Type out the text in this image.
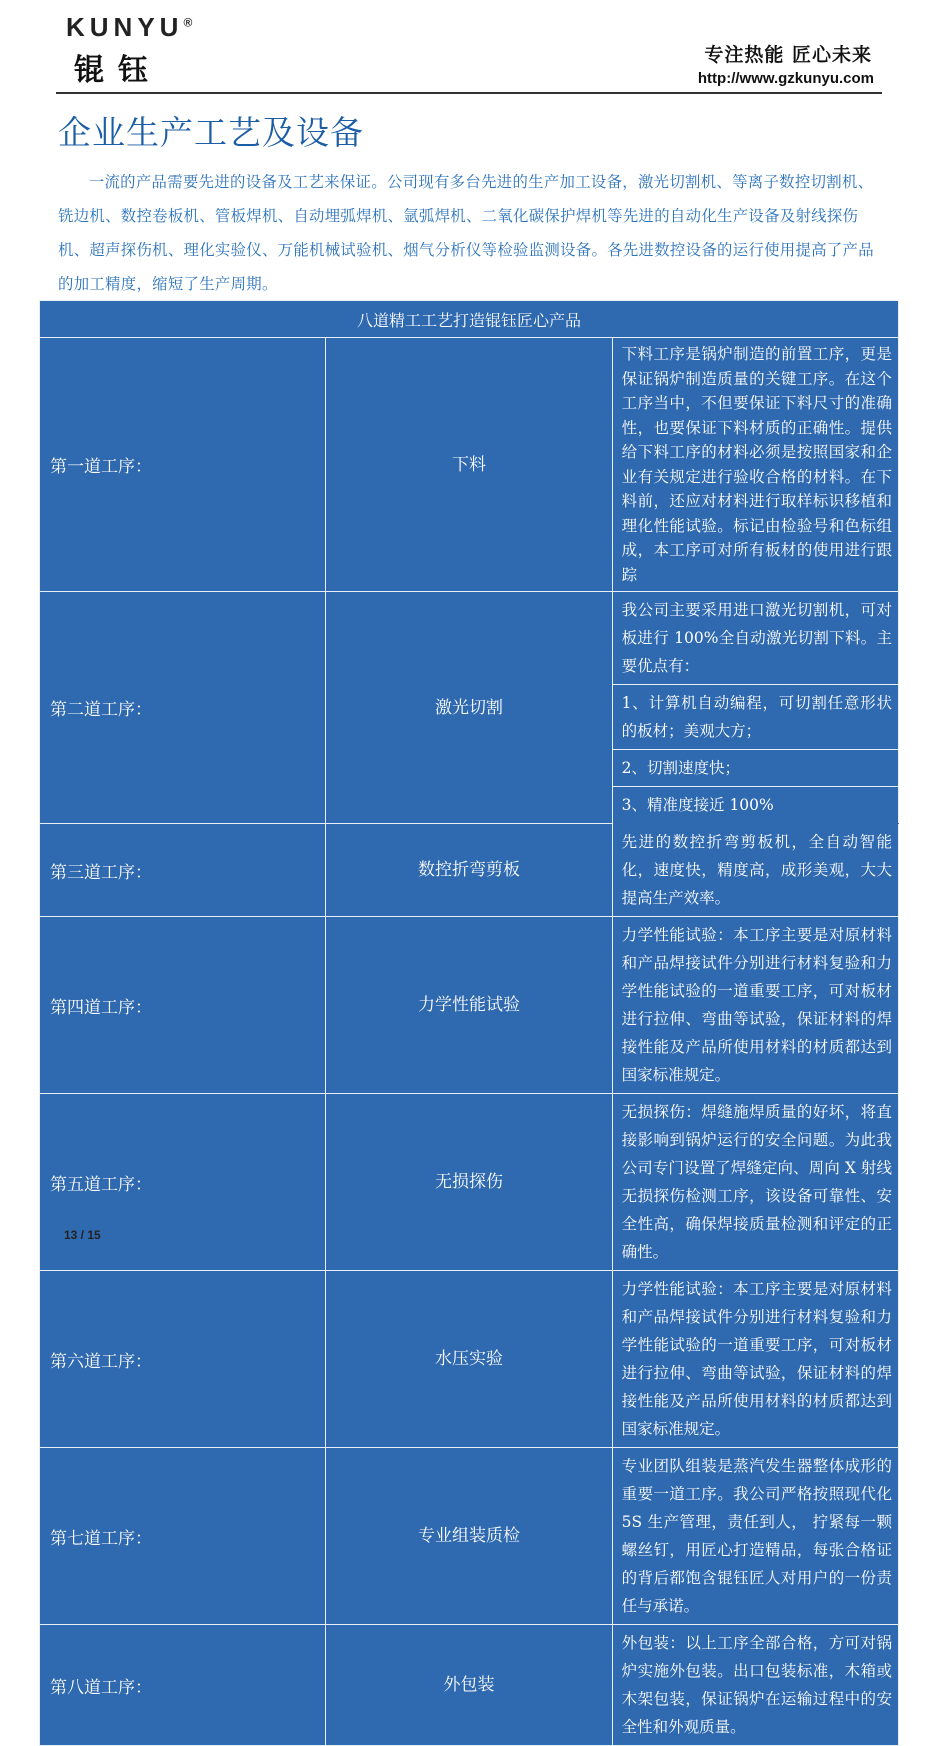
KUNYU®
锟钰	专注热能 匠心未来
http://www.gzkunyu.com
企业生产工艺及设备

一流的产品需要先进的设备及工艺来保证。公司现有多台先进的生产加工设备，激光切割机、等离子数控切割机、铣边机、数控卷板机、管板焊机、自动埋弧焊机、氩弧焊机、二氧化碳保护焊机等先进的自动化生产设备及射线探伤机、超声探伤机、理化实验仪、万能机械试验机、烟气分析仪等检验监测设备。各先进数控设备的运行使用提高了产品的加工精度，缩短了生产周期。

八道精工工艺打造锟钰匠心产品		
第一道工序：	下料	下料工序是锅炉制造的前置工序，更是保证锅炉制造质量的关键工序。在这个工序当中，不但要保证下料尺寸的准确性，也要保证下料材质的正确性。提供给下料工序的材料必须是按照国家和企业有关规定进行验收合格的材料。在下料前，还应对材料进行取样标识移植和理化性能试验。标记由检验号和色标组成，本工序可对所有板材的使用进行跟踪
第二道工序：	激光切割	我公司主要采用进口激光切割机，可对板进行 100%全自动激光切割下料。主要优点有：
		1、计算机自动编程，可切割任意形状的板材；美观大方；
		2、切割速度快；
		3、精准度接近 100%
第三道工序：	数控折弯剪板	先进的数控折弯剪板机，全自动智能化，速度快，精度高，成形美观，大大提高生产效率。
第四道工序：	力学性能试验	力学性能试验：本工序主要是对原材料和产品焊接试件分别进行材料复验和力学性能试验的一道重要工序，可对板材进行拉伸、弯曲等试验，保证材料的焊接性能及产品所使用材料的材质都达到国家标准规定。
第五道工序：	无损探伤	无损探伤：焊缝施焊质量的好坏，将直接影响到锅炉运行的安全问题。为此我公司专门设置了焊缝定向、周向 X 射线无损探伤检测工序，该设备可靠性、安全性高，确保焊接质量检测和评定的正确性。
第六道工序：	水压实验	力学性能试验：本工序主要是对原材料和产品焊接试件分别进行材料复验和力学性能试验的一道重要工序，可对板材进行拉伸、弯曲等试验，保证材料的焊接性能及产品所使用材料的材质都达到国家标准规定。
第七道工序：	专业组装质检	专业团队组装是蒸汽发生器整体成形的重要一道工序。我公司严格按照现代化 5S 生产管理，责任到人， 拧紧每一颗螺丝钉，用匠心打造精品，每张合格证的背后都饱含锟钰匠人对用户的一份责任与承诺。
第八道工序：	外包装	外包装：以上工序全部合格，方可对锅炉实施外包装。出口包装标准，木箱或木架包装，保证锅炉在运输过程中的安全性和外观质量。
13 / 15
